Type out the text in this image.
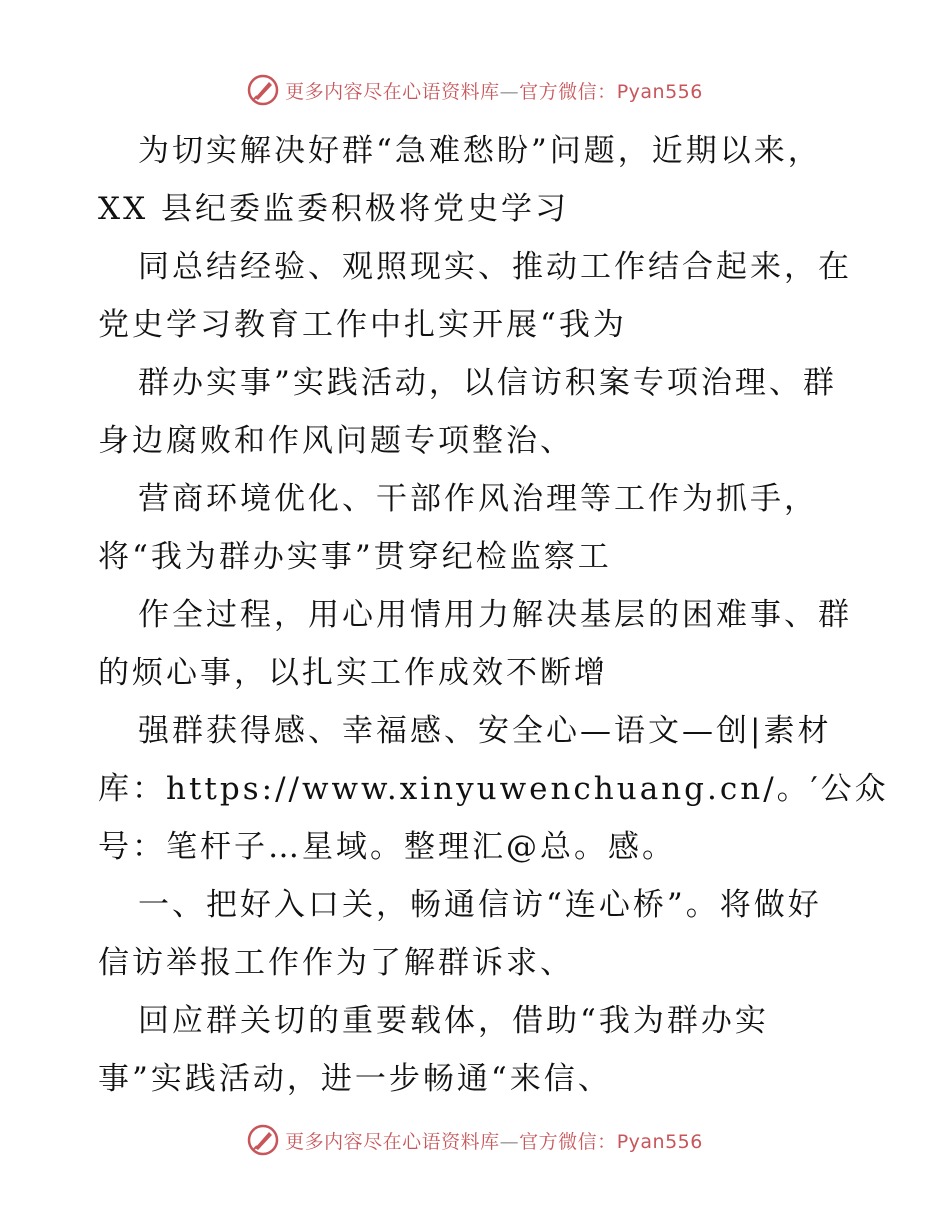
更多内容尽在心语资料库—官方微信：Pyan556
为切实解决好群“急难愁盼”问题，近期以来，
XX 县纪委监委积极将党史学习
同总结经验、观照现实、推动工作结合起来，在
党史学习教育工作中扎实开展“我为
群办实事”实践活动，以信访积案专项治理、群
身边腐败和作风问题专项整治、
营商环境优化、干部作风治理等工作为抓手，
将“我为群办实事”贯穿纪检监察工
作全过程，用心用情用力解决基层的困难事、群
的烦心事，以扎实工作成效不断增
强群获得感、幸福感、安全心—语文—创|素材
库：https://www.xinyuwenchuang.cn/。′公众
号：笔杆子…星域。整理汇@总。感。
一、把好入口关，畅通信访“连心桥”。将做好
信访举报工作作为了解群诉求、
回应群关切的重要载体，借助“我为群办实
事”实践活动，进一步畅通“来信、
更多内容尽在心语资料库—官方微信：Pyan556
